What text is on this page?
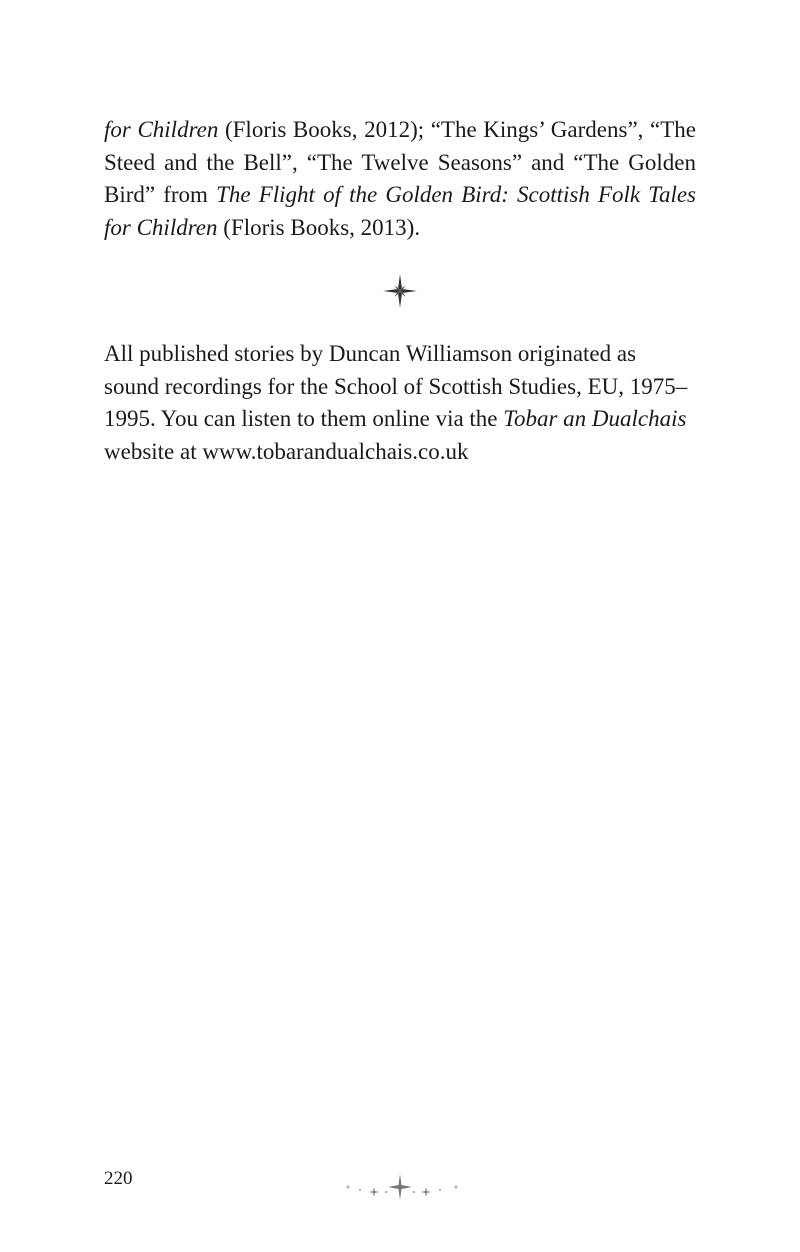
for Children (Floris Books, 2012); “The Kings’ Gardens”, “The Steed and the Bell”, “The Twelve Seasons” and “The Golden Bird” from The Flight of the Golden Bird: Scottish Folk Tales for Children (Floris Books, 2013).

All published stories by Duncan Williamson originated as sound recordings for the School of Scottish Studies, EU, 1975–1995. You can listen to them online via the Tobar an Dualchais website at www.tobarandualchais.co.uk

220
